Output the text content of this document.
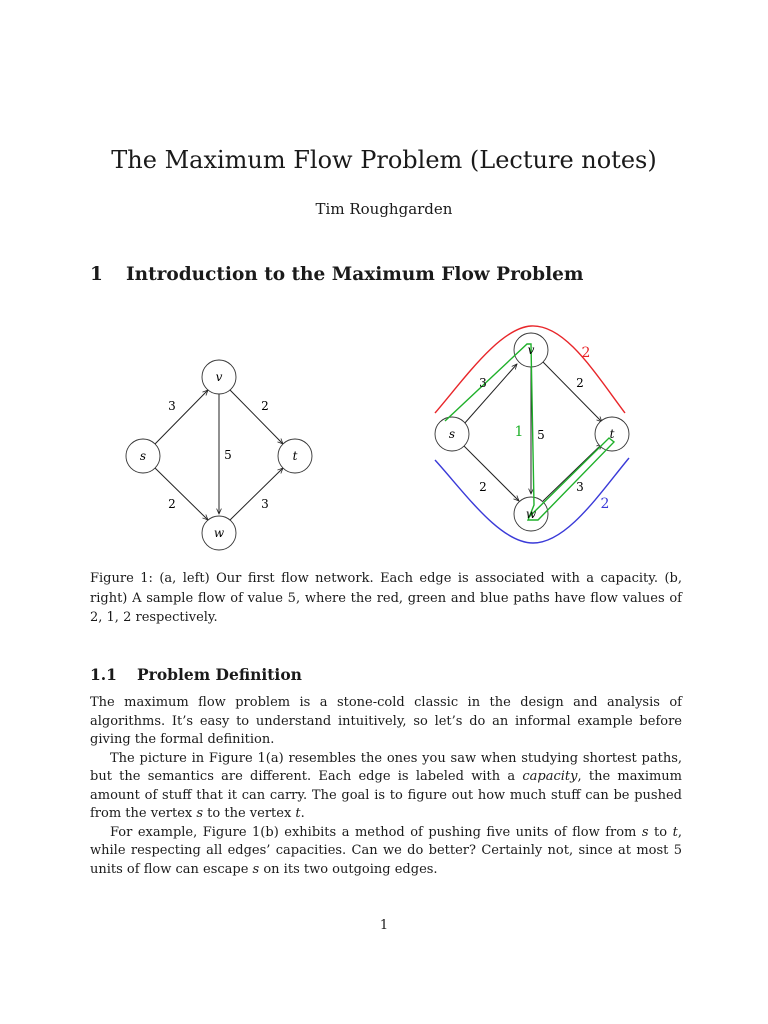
The Maximum Flow Problem (Lecture notes)
Tim Roughgarden
1 Introduction to the Maximum Flow Problem
v
s	t
w
3	2
5
2	3
v
s	t
w
3	2
5
2	3
2
1
2
Figure 1: (a, left) Our first flow network. Each edge is associated with a capacity. (b, right) A sample flow of value 5, where the red, green and blue paths have flow values of 2, 1, 2 respectively.
1.1 Problem Definition

The maximum flow problem is a stone-cold classic in the design and analysis of algorithms. It’s easy to understand intuitively, so let’s do an informal example before giving the formal definition.

The picture in Figure 1(a) resembles the ones you saw when studying shortest paths, but the semantics are different. Each edge is labeled with a capacity, the maximum amount of stuff that it can carry. The goal is to figure out how much stuff can be pushed from the vertex s to the vertex t.

For example, Figure 1(b) exhibits a method of pushing five units of flow from s to t, while respecting all edges’ capacities. Can we do better? Certainly not, since at most 5 units of flow can escape s on its two outgoing edges.

1
